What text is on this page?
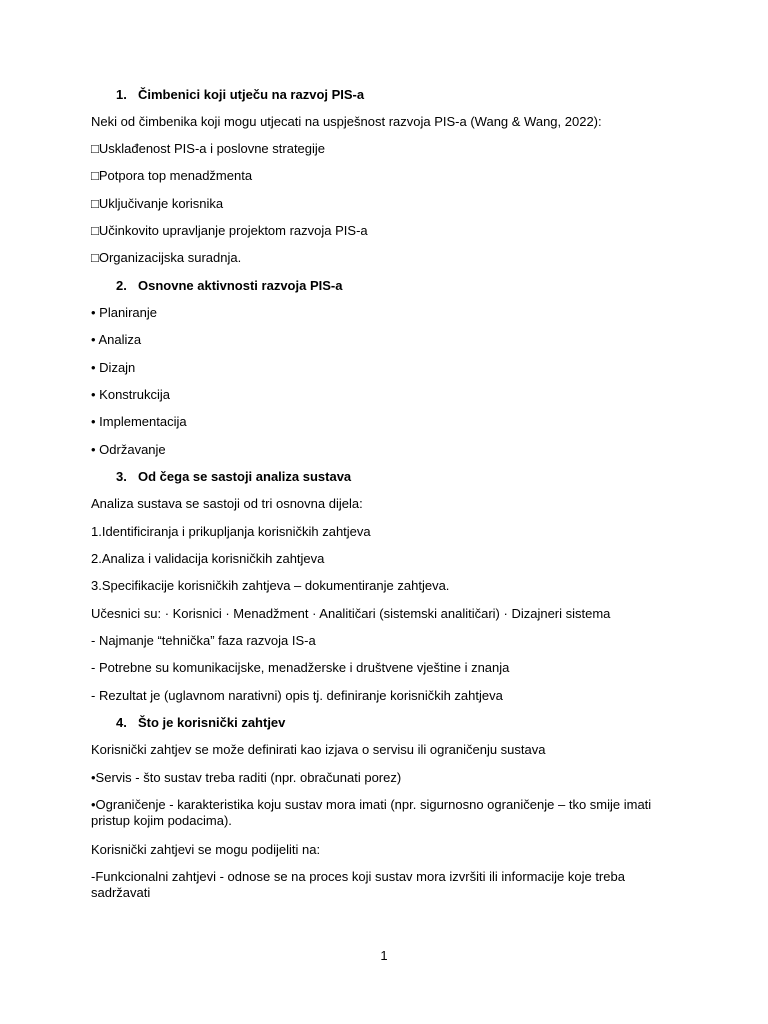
1. Čimbenici koji utječu na razvoj PIS-a
Neki od čimbenika koji mogu utjecati na uspješnost razvoja PIS-a (Wang & Wang, 2022):
□Usklađenost PIS-a i poslovne strategije
□Potpora top menadžmenta
□Uključivanje korisnika
□Učinkovito upravljanje projektom razvoja PIS-a
□Organizacijska suradnja.
2. Osnovne aktivnosti razvoja PIS-a
• Planiranje
• Analiza
• Dizajn
• Konstrukcija
• Implementacija
• Održavanje
3. Od čega se sastoji analiza sustava
Analiza sustava se sastoji od tri osnovna dijela:
1.Identificiranja i prikupljanja korisničkih zahtjeva
2.Analiza i validacija korisničkih zahtjeva
3.Specifikacije korisničkih zahtjeva – dokumentiranje zahtjeva.
Učesnici su: · Korisnici · Menadžment · Analitičari (sistemski analitičari) · Dizajneri sistema
- Najmanje “tehnička” faza razvoja IS-a
- Potrebne su komunikacijske, menadžerske i društvene vještine i znanja
- Rezultat je (uglavnom narativni) opis tj. definiranje korisničkih zahtjeva
4. Što je korisnički zahtjev
Korisnički zahtjev se može definirati kao izjava o servisu ili ograničenju sustava
•Servis - što sustav treba raditi (npr. obračunati porez)
•Ograničenje - karakteristika koju sustav mora imati (npr. sigurnosno ograničenje – tko smije imati pristup kojim podacima).
Korisnički zahtjevi se mogu podijeliti na:
-Funkcionalni zahtjevi - odnose se na proces koji sustav mora izvršiti ili informacije koje treba sadržavati
1
